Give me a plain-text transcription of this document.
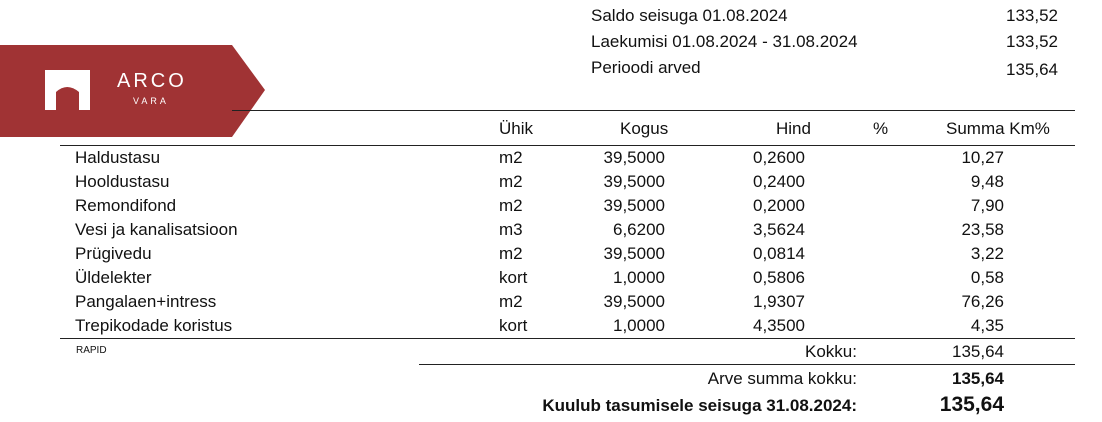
Saldo seisuga 01.08.2024	133,52
Laekumisi 01.08.2024 - 31.08.2024	133,52
Perioodi arved	135,64
ARCO
VARA
Ühik	Kogus	Hind	%	Summa Km%
Haldustasu	m2	39,5000	0,2600	10,27
Hooldustasu	m2	39,5000	0,2400	9,48
Remondifond	m2	39,5000	0,2000	7,90
Vesi ja kanalisatsioon	m3	6,6200	3,5624	23,58
Prügivedu	m2	39,5000	0,0814	3,22
Üldelekter	kort	1,0000	0,5806	0,58
Pangalaen+intress	m2	39,5000	1,9307	76,26
Trepikodade koristus	kort	1,0000	4,3500	4,35
RAPID	Kokku:	135,64
Arve summa kokku:	135,64
Kuulub tasumisele seisuga 31.08.2024:	135,64
